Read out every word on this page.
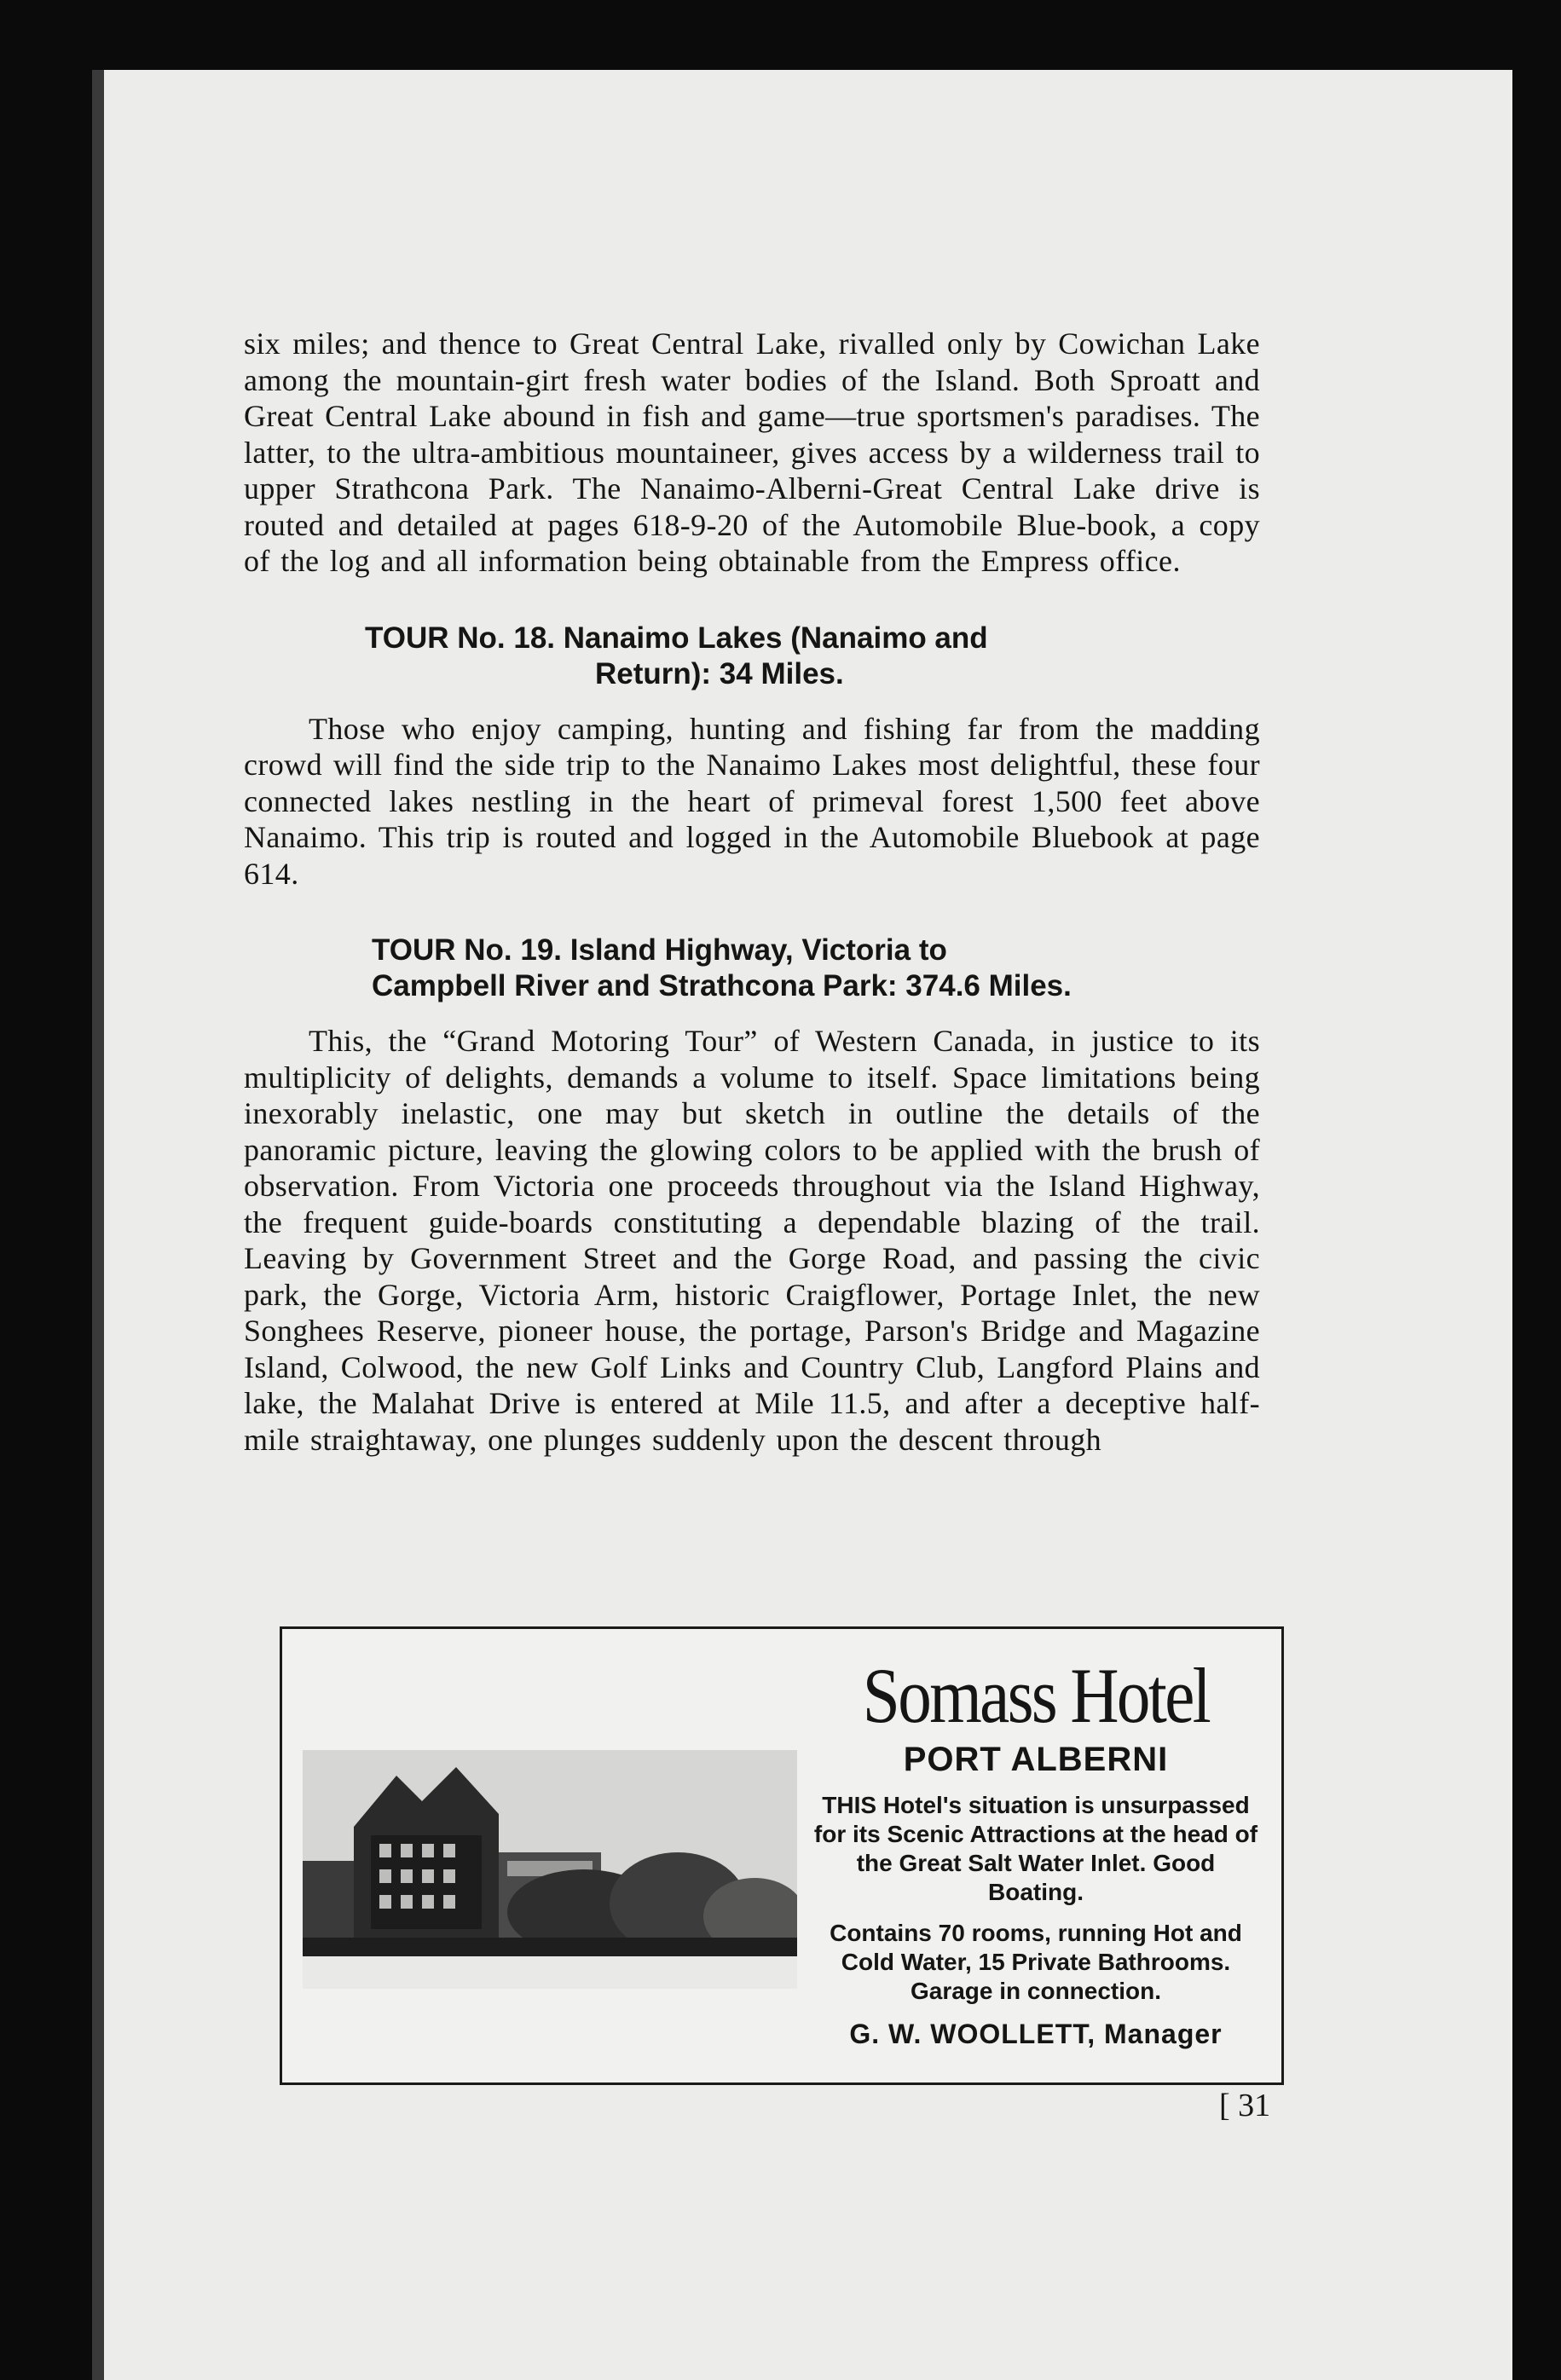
six miles; and thence to Great Central Lake, rivalled only by Cowichan Lake among the mountain-girt fresh water bodies of the Island. Both Sproatt and Great Central Lake abound in fish and game—true sportsmen's paradises. The latter, to the ultra-ambitious mountaineer, gives access by a wilderness trail to upper Strathcona Park. The Nanaimo-Alberni-Great Central Lake drive is routed and detailed at pages 618-9-20 of the Automobile Blue-book, a copy of the log and all information being obtainable from the Empress office.

TOUR No. 18. Nanaimo Lakes (Nanaimo and
Return): 34 Miles.

Those who enjoy camping, hunting and fishing far from the madding crowd will find the side trip to the Nanaimo Lakes most delightful, these four connected lakes nestling in the heart of primeval forest 1,500 feet above Nanaimo. This trip is routed and logged in the Automobile Bluebook at page 614.

TOUR No. 19. Island Highway, Victoria to
Campbell River and Strathcona Park: 374.6 Miles.

This, the “Grand Motoring Tour” of Western Canada, in justice to its multiplicity of delights, demands a volume to itself. Space limitations being inexorably inelastic, one may but sketch in outline the details of the panoramic picture, leaving the glowing colors to be applied with the brush of observation. From Victoria one proceeds throughout via the Island Highway, the frequent guide-boards constituting a dependable blazing of the trail. Leaving by Government Street and the Gorge Road, and passing the civic park, the Gorge, Victoria Arm, historic Craigflower, Portage Inlet, the new Songhees Reserve, pioneer house, the portage, Parson's Bridge and Magazine Island, Colwood, the new Golf Links and Country Club, Langford Plains and lake, the Malahat Drive is entered at Mile 11.5, and after a deceptive half-mile straightaway, one plunges suddenly upon the descent through

Somass Hotel
PORT ALBERNI

THIS Hotel's situation is unsurpassed for its Scenic Attractions at the head of the Great Salt Water Inlet. Good Boating.

Contains 70 rooms, running Hot and Cold Water, 15 Private Bathrooms. Garage in connection.

G. W. WOOLLETT, Manager
[ 31
